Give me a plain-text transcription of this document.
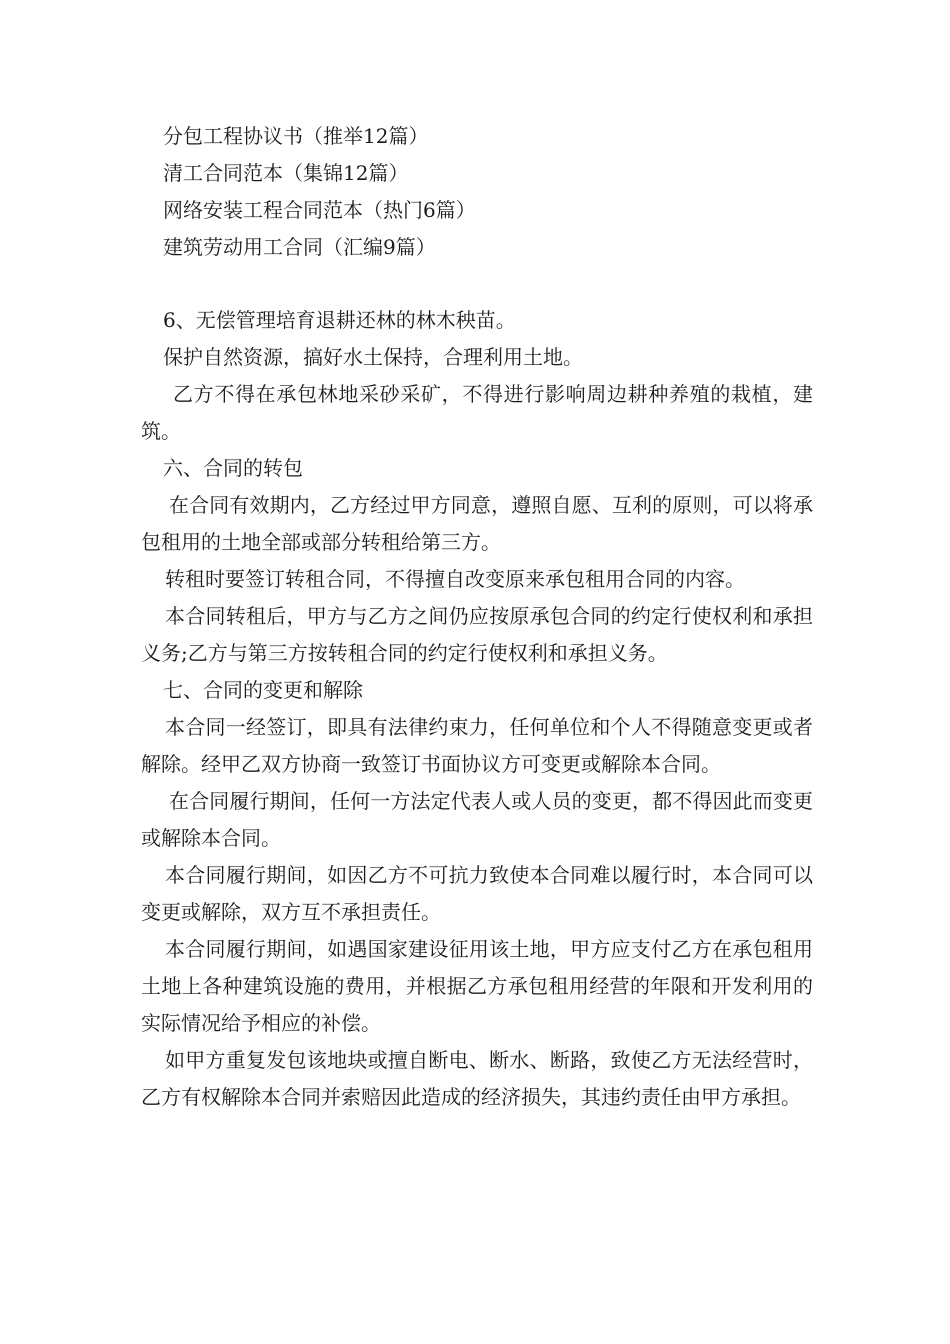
分包工程协议书（推举12篇）
清工合同范本（集锦12篇）
网络安装工程合同范本（热门6篇）
建筑劳动用工合同（汇编9篇）

6、无偿管理培育退耕还林的林木秧苗。

保护自然资源，搞好水土保持，合理利用土地。

乙方不得在承包林地采砂采矿，不得进行影响周边耕种养殖的栽植，建筑。

六、合同的转包

在合同有效期内，乙方经过甲方同意，遵照自愿、互利的原则，可以将承包租用的土地全部或部分转租给第三方。

转租时要签订转租合同，不得擅自改变原来承包租用合同的内容。

本合同转租后，甲方与乙方之间仍应按原承包合同的约定行使权利和承担义务;乙方与第三方按转租合同的约定行使权利和承担义务。

七、合同的变更和解除

本合同一经签订，即具有法律约束力，任何单位和个人不得随意变更或者解除。经甲乙双方协商一致签订书面协议方可变更或解除本合同。

在合同履行期间，任何一方法定代表人或人员的变更，都不得因此而变更或解除本合同。

本合同履行期间，如因乙方不可抗力致使本合同难以履行时，本合同可以变更或解除，双方互不承担责任。

本合同履行期间，如遇国家建设征用该土地，甲方应支付乙方在承包租用土地上各种建筑设施的费用，并根据乙方承包租用经营的年限和开发利用的实际情况给予相应的补偿。

如甲方重复发包该地块或擅自断电、断水、断路，致使乙方无法经营时，乙方有权解除本合同并索赔因此造成的经济损失，其违约责任由甲方承担。
